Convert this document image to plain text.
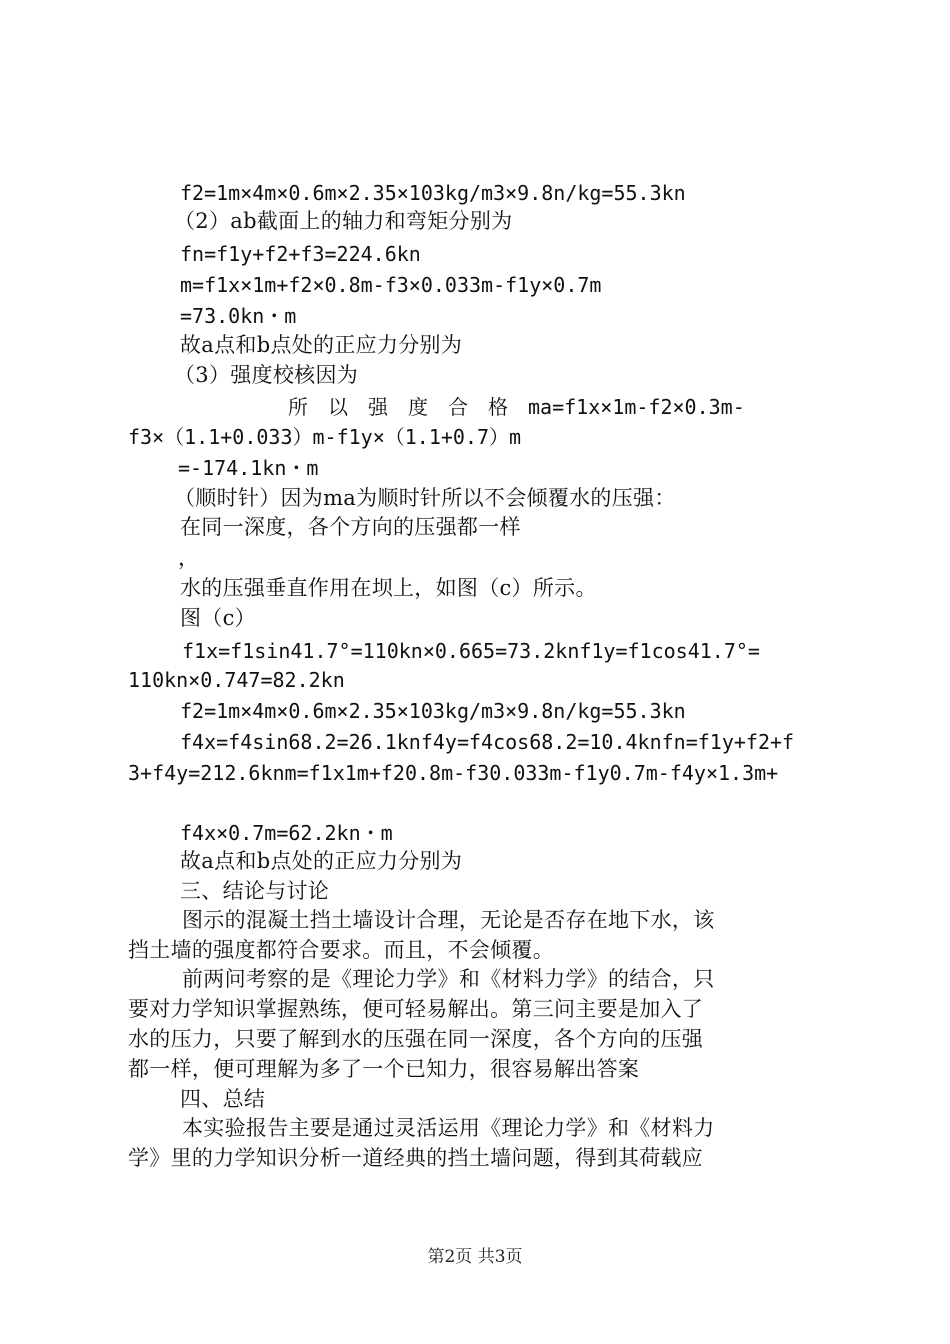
f2=1m×4m×0.6m×2.35×103kg/m3×9.8n/kg=55.3kn
（2）ab截面上的轴力和弯矩分别为
fn=f1y+f2+f3=224.6kn
m=f1x×1m+f2×0.8m-f3×0.033m-f1y×0.7m
=73.0kn・m
故a点和b点处的正应力分别为
（3）强度校核因为
所　以　强　度　合　格　ma=f1x×1m-f2×0.3m-
f3×（1.1+0.033）m-f1y×（1.1+0.7）m
=-174.1kn・m
（顺时针）因为ma为顺时针所以不会倾覆水的压强：
在同一深度，各个方向的压强都一样
，
水的压强垂直作用在坝上，如图（c）所示。
图（c）
f1x=f1sin41.7°=110kn×0.665=73.2knf1y=f1cos41.7°=
110kn×0.747=82.2kn
f2=1m×4m×0.6m×2.35×103kg/m3×9.8n/kg=55.3kn
f4x=f4sin68.2=26.1knf4y=f4cos68.2=10.4knfn=f1y+f2+f
3+f4y=212.6knm=f1x1m+f20.8m-f30.033m-f1y0.7m-f4y×1.3m+
f4x×0.7m=62.2kn・m
故a点和b点处的正应力分别为
三、结论与讨论
图示的混凝土挡土墙设计合理，无论是否存在地下水，该
挡土墙的强度都符合要求。而且，不会倾覆。
前两问考察的是《理论力学》和《材料力学》的结合，只
要对力学知识掌握熟练，便可轻易解出。第三问主要是加入了
水的压力，只要了解到水的压强在同一深度，各个方向的压强
都一样，便可理解为多了一个已知力，很容易解出答案
四、总结
本实验报告主要是通过灵活运用《理论力学》和《材料力
学》里的力学知识分析一道经典的挡土墙问题，得到其荷载应
第2页 共3页
